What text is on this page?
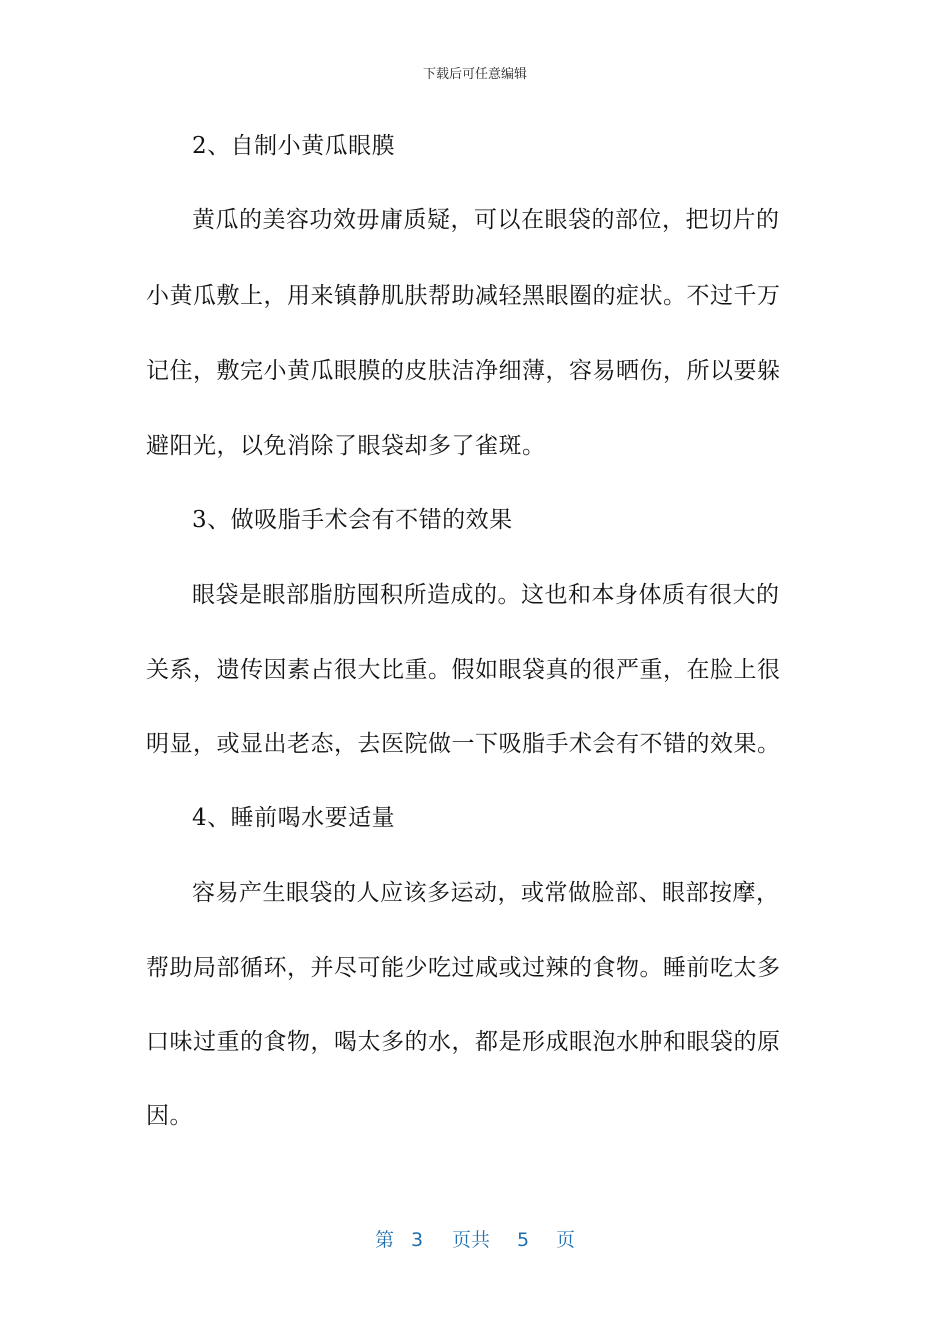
下载后可任意编辑
2、自制小黄瓜眼膜
黄瓜的美容功效毋庸质疑，可以在眼袋的部位，把切片的
小黄瓜敷上，用来镇静肌肤帮助减轻黑眼圈的症状。不过千万
记住，敷完小黄瓜眼膜的皮肤洁净细薄，容易晒伤，所以要躲
避阳光，以免消除了眼袋却多了雀斑。
3、做吸脂手术会有不错的效果
眼袋是眼部脂肪囤积所造成的。这也和本身体质有很大的
关系，遗传因素占很大比重。假如眼袋真的很严重，在脸上很
明显，或显出老态，去医院做一下吸脂手术会有不错的效果。
4、睡前喝水要适量
容易产生眼袋的人应该多运动，或常做脸部、眼部按摩，
帮助局部循环，并尽可能少吃过咸或过辣的食物。睡前吃太多
口味过重的食物，喝太多的水，都是形成眼泡水肿和眼袋的原
因。
第 3 页共 5 页
